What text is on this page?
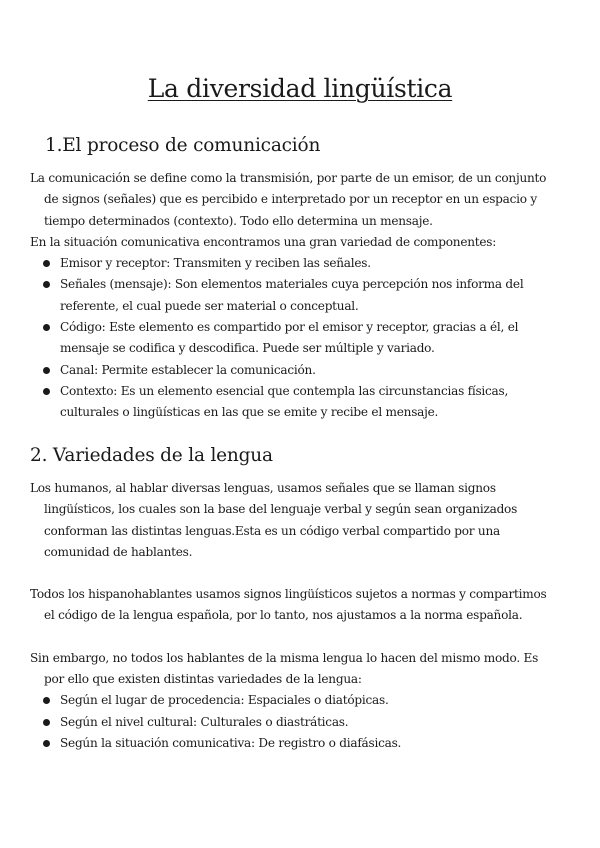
La diversidad lingüística
1.El proceso de comunicación

La comunicación se define como la transmisión, por parte de un emisor, de un conjunto de signos (señales) que es percibido e interpretado por un receptor en un espacio y tiempo determinados (contexto). Todo ello determina un mensaje.

En la situación comunicativa encontramos una gran variedad de componentes:

Emisor y receptor: Transmiten y reciben las señales.
Señales (mensaje): Son elementos materiales cuya percepción nos informa del referente, el cual puede ser material o conceptual.
Código: Este elemento es compartido por el emisor y receptor, gracias a él, el mensaje se codifica y descodifica. Puede ser múltiple y variado.
Canal: Permite establecer la comunicación.
Contexto: Es un elemento esencial que contempla las circunstancias físicas, culturales o lingüísticas en las que se emite y recibe el mensaje.
2. Variedades de la lengua

Los humanos, al hablar diversas lenguas, usamos señales que se llaman signos lingüísticos, los cuales son la base del lenguaje verbal y según sean organizados conforman las distintas lenguas.Esta es un código verbal compartido por una comunidad de hablantes.

Todos los hispanohablantes usamos signos lingüísticos sujetos a normas y compartimos el código de la lengua española, por lo tanto, nos ajustamos a la norma española.

Sin embargo, no todos los hablantes de la misma lengua lo hacen del mismo modo. Es por ello que existen distintas variedades de la lengua:

Según el lugar de procedencia: Espaciales o diatópicas.
Según el nivel cultural: Culturales o diastráticas.
Según la situación comunicativa: De registro o diafásicas.
